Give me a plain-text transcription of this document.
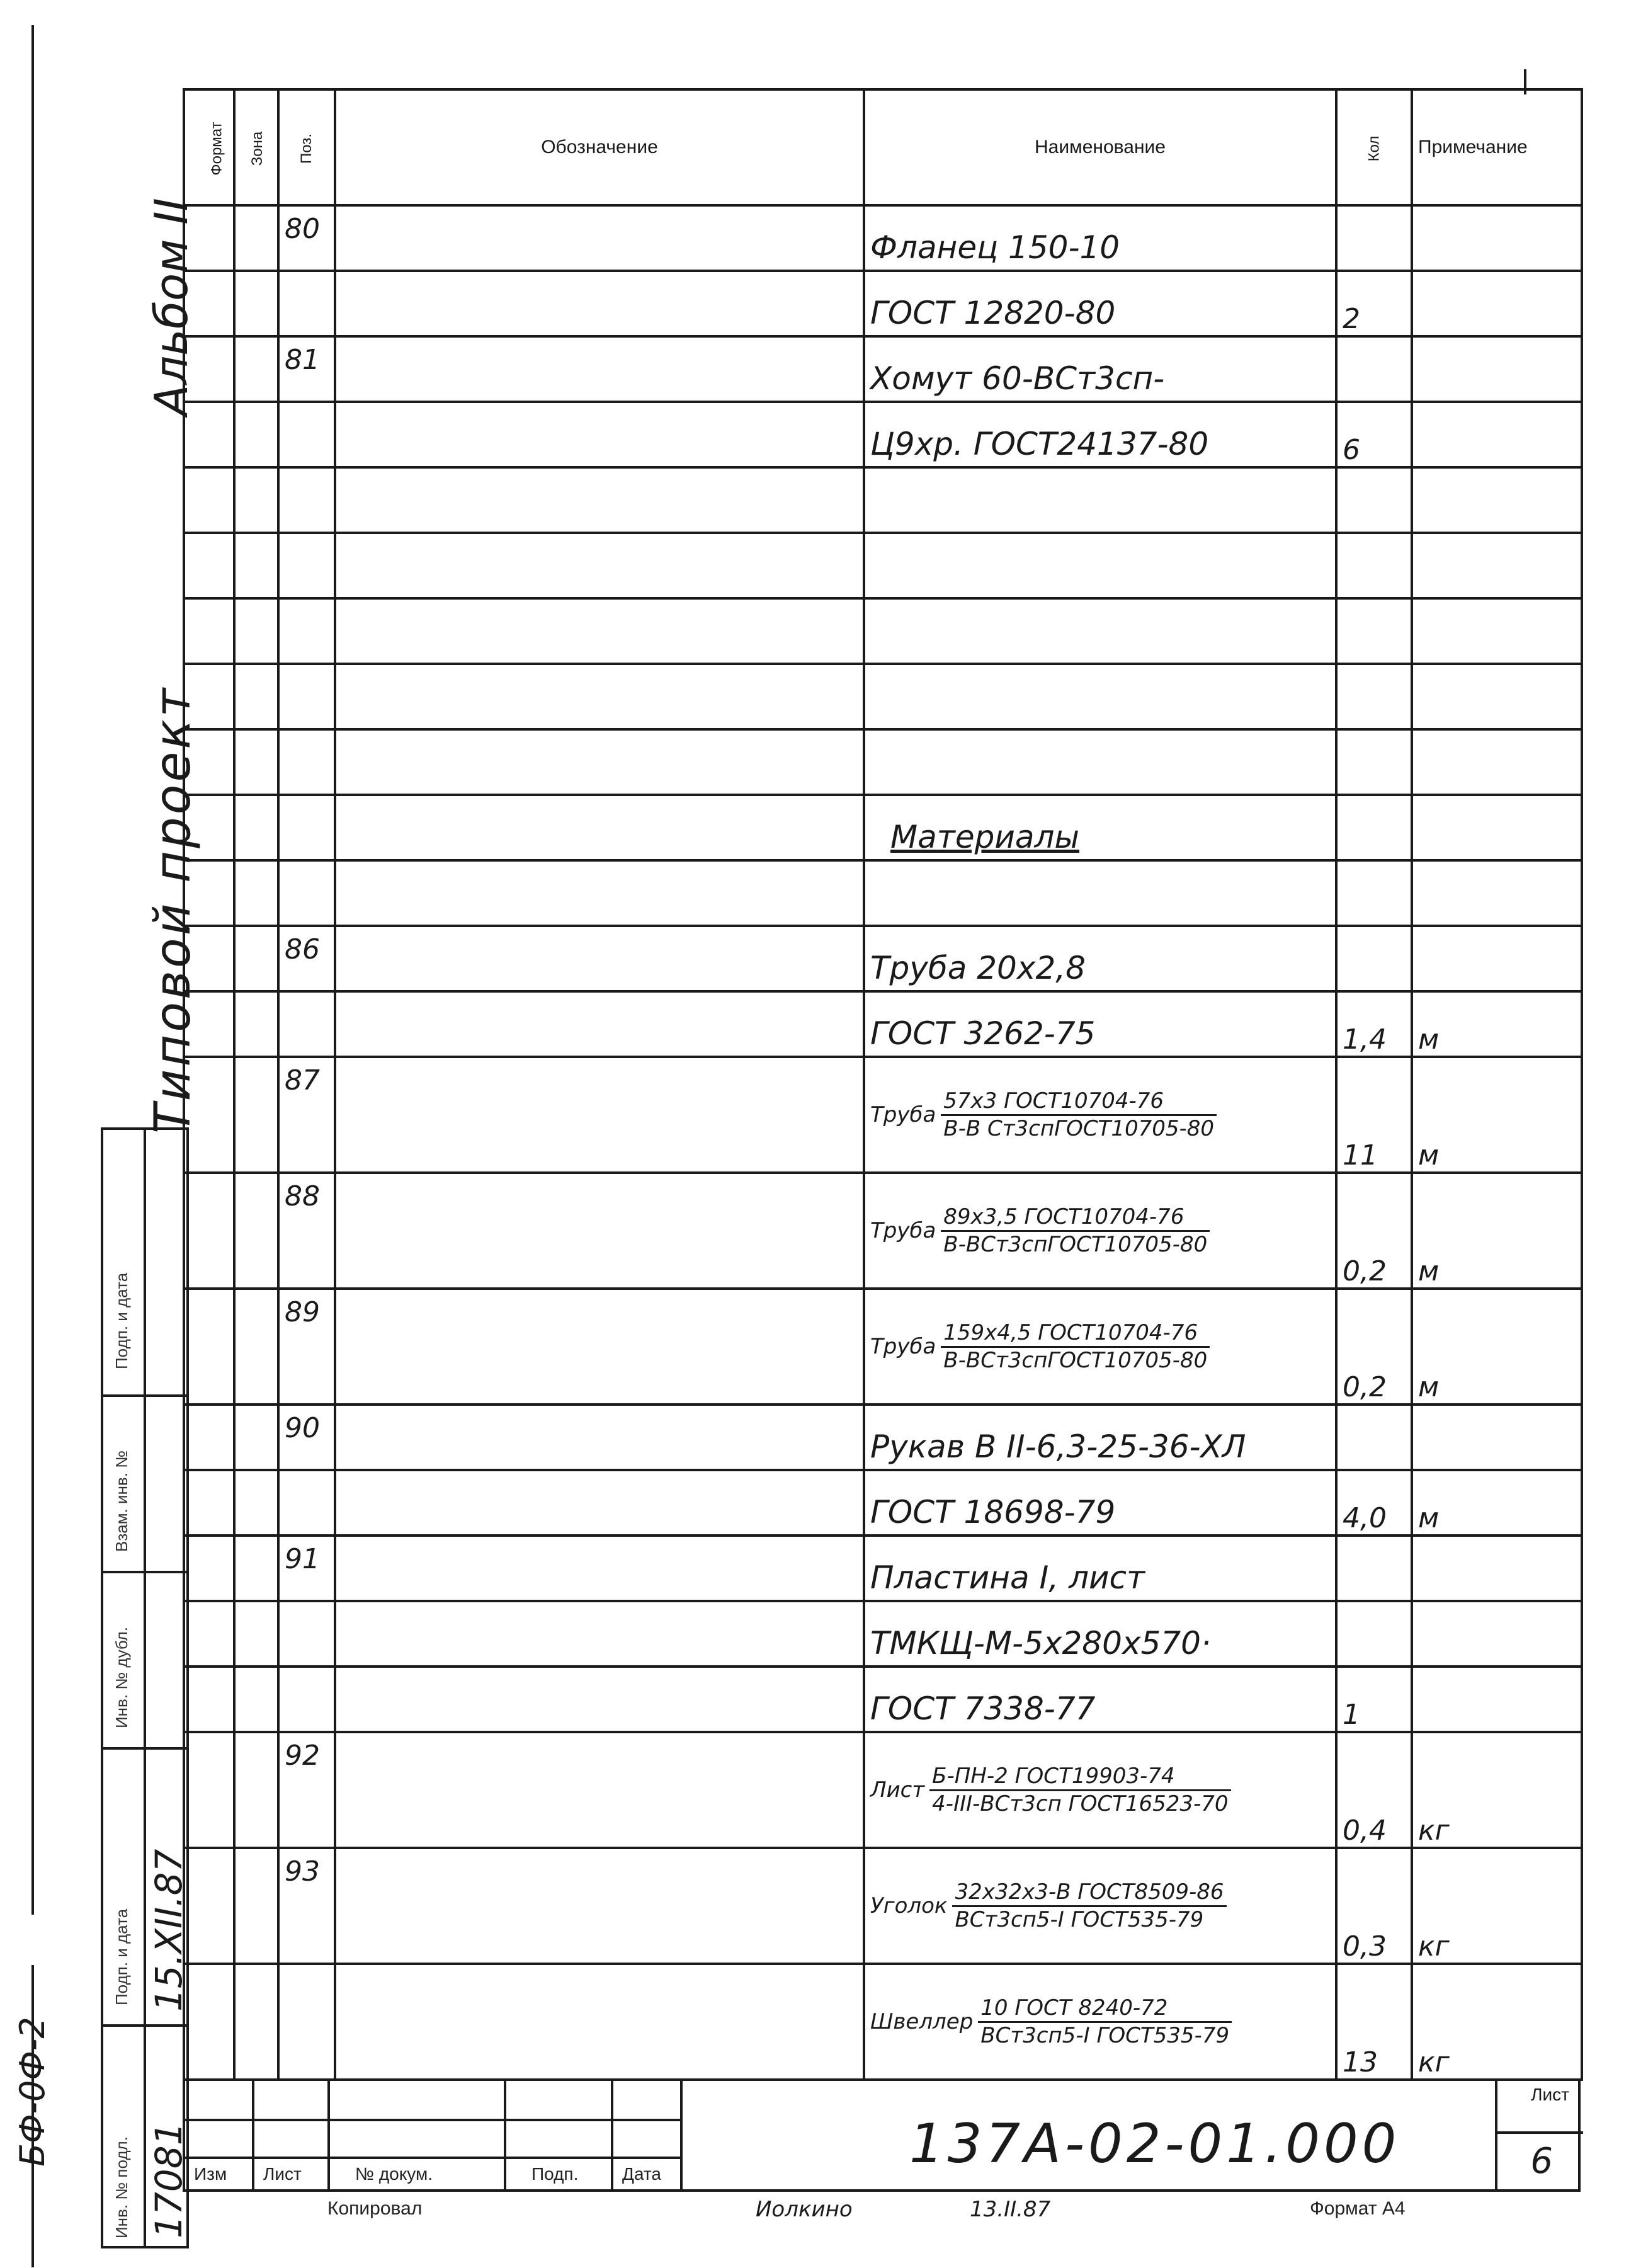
Альбом II
Типовой проект
БФ-0Ф-2
Формат	Зона	Поз.	Обозначение	Наименование	Кол	Примечание
		80		Фланец 150-10		
				ГОСТ 12820-80	2	
		81		Хомут 60-ВСт3сп-		
				Ц9хр. ГОСТ24137-80	6	

				Материалы		

		86		Труба 20х2,8		
				ГОСТ 3262-75	1,4	м
		87		Труба $\frac{\text{57х3 ГОСТ10704-76}}{\text{В-В Ст3спГОСТ10705-80}}$	11	м
		88		Труба $\frac{\text{89х3,5 ГОСТ10704-76}}{\text{В-ВСт3спГОСТ10705-80}}$	0,2	м
		89		Труба $\frac{\text{159х4,5 ГОСТ10704-76}}{\text{В-ВСт3спГОСТ10705-80}}$	0,2	м
		90		Рукав В II-6,3-25-36-ХЛ		
				ГОСТ 18698-79	4,0	м
		91		Пластина I, лист		
				ТМКЩ-М-5х280х570·		
				ГОСТ 7338-77	1	
		92		Лист $\frac{\text{Б-ПН-2 ГОСТ19903-74}}{\text{4-III-ВСт3сп ГОСТ16523-70}}$	0,4	кг
		93		Уголок $\frac{\text{32х32х3-В ГОСТ8509-86}}{\text{ВСт3сп5-I ГОСТ535-79}}$	0,3	кг

				Швеллер $\frac{\text{10 ГОСТ 8240-72}}{\text{ВСт3сп5-I ГОСТ535-79}}$	13	кг
Подп. и дата
Взам. инв. №
Инв. № дубл.
Подп. и дата
Инв. № подл.
15.XII.87
17081 Изм Лист	№ докум.	Подп. Дата	137А-02-01.000
Лист
6
Копировал	Иолкино	13.II.87	Формат А4
